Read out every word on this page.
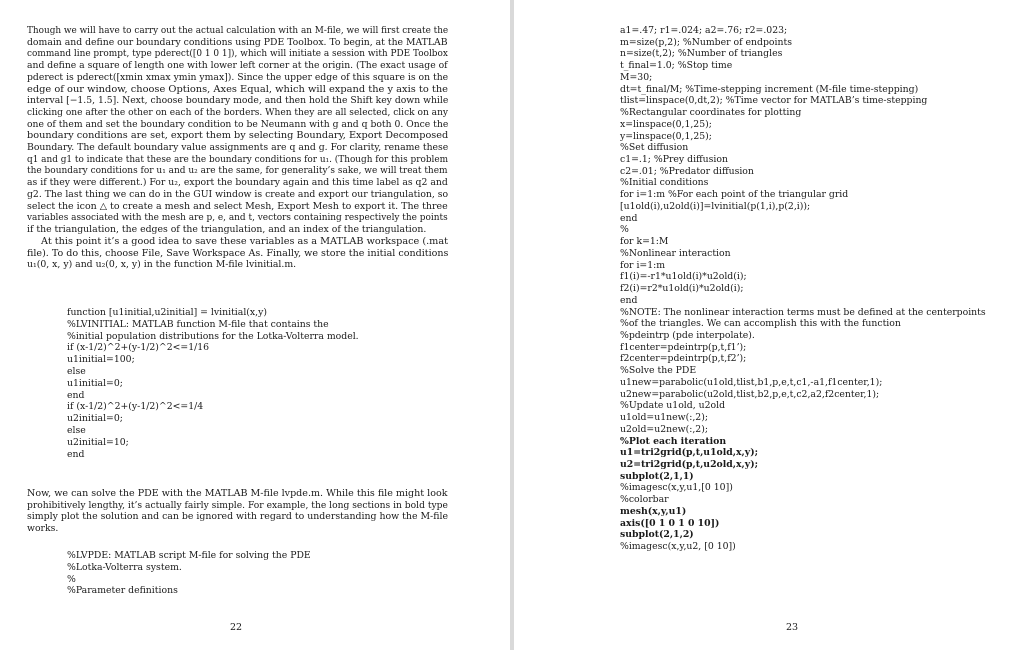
Though we will have to carry out the actual calculation with an M-file, we will first create the
domain and define our boundary conditions using PDE Toolbox. To begin, at the MATLAB
command line prompt, type pderect([0 1 0 1]), which will initiate a session with PDE Toolbox
and define a square of length one with lower left corner at the origin. (The exact usage of
pderect is pderect([xmin xmax ymin ymax]). Since the upper edge of this square is on the
edge of our window, choose Options, Axes Equal, which will expand the y axis to the
interval [−1.5, 1.5]. Next, choose boundary mode, and then hold the Shift key down while
clicking one after the other on each of the borders. When they are all selected, click on any
one of them and set the boundary condition to be Neumann with g and q both 0. Once the
boundary conditions are set, export them by selecting Boundary, Export Decomposed
Boundary. The default boundary value assignments are q and g. For clarity, rename these
q1 and g1 to indicate that these are the boundary conditions for u₁. (Though for this problem
the boundary conditions for u₁ and u₂ are the same, for generality’s sake, we will treat them
as if they were different.) For u₂, export the boundary again and this time label as q2 and
g2. The last thing we can do in the GUI window is create and export our triangulation, so
select the icon △ to create a mesh and select Mesh, Export Mesh to export it. The three
variables associated with the mesh are p, e, and t, vectors containing respectively the points
if the triangulation, the edges of the triangulation, and an index of the triangulation.
At this point it’s a good idea to save these variables as a MATLAB workspace (.mat
file). To do this, choose File, Save Workspace As. Finally, we store the initial conditions
u₁(0, x, y) and u₂(0, x, y) in the function M-file lvinitial.m.
function [u1initial,u2initial] = lvinitial(x,y)
%LVINITIAL: MATLAB function M-file that contains the
%initial population distributions for the Lotka-Volterra model.
if (x-1/2)^2+(y-1/2)^2<=1/16
u1initial=100;
else
u1initial=0;
end
if (x-1/2)^2+(y-1/2)^2<=1/4
u2initial=0;
else
u2initial=10;
end
Now, we can solve the PDE with the MATLAB M-file lvpde.m. While this file might look
prohibitively lengthy, it’s actually fairly simple. For example, the long sections in bold type
simply plot the solution and can be ignored with regard to understanding how the M-file
works.
%LVPDE: MATLAB script M-file for solving the PDE
%Lotka-Volterra system.
%
%Parameter definitions
22
a1=.47; r1=.024; a2=.76; r2=.023;
m=size(p,2); %Number of endpoints
n=size(t,2); %Number of triangles
t_final=1.0; %Stop time
M=30;
dt=t_final/M; %Time-stepping increment (M-file time-stepping)
tlist=linspace(0,dt,2); %Time vector for MATLAB’s time-stepping
%Rectangular coordinates for plotting
x=linspace(0,1,25);
y=linspace(0,1,25);
%Set diffusion
c1=.1; %Prey diffusion
c2=.01; %Predator diffusion
%Initial conditions
for i=1:m %For each point of the triangular grid
[u1old(i),u2old(i)]=lvinitial(p(1,i),p(2,i));
end
%
for k=1:M
%Nonlinear interaction
for i=1:m
f1(i)=-r1*u1old(i)*u2old(i);
f2(i)=r2*u1old(i)*u2old(i);
end
%NOTE: The nonlinear interaction terms must be defined at the centerpoints
%of the triangles. We can accomplish this with the function
%pdeintrp (pde interpolate).
f1center=pdeintrp(p,t,f1’);
f2center=pdeintrp(p,t,f2’);
%Solve the PDE
u1new=parabolic(u1old,tlist,b1,p,e,t,c1,-a1,f1center,1);
u2new=parabolic(u2old,tlist,b2,p,e,t,c2,a2,f2center,1);
%Update u1old, u2old
u1old=u1new(:,2);
u2old=u2new(:,2);
%Plot each iteration
u1=tri2grid(p,t,u1old,x,y);
u2=tri2grid(p,t,u2old,x,y);
subplot(2,1,1)
%imagesc(x,y,u1,[0 10])
%colorbar
mesh(x,y,u1)
axis([0 1 0 1 0 10])
subplot(2,1,2)
%imagesc(x,y,u2, [0 10])
23
